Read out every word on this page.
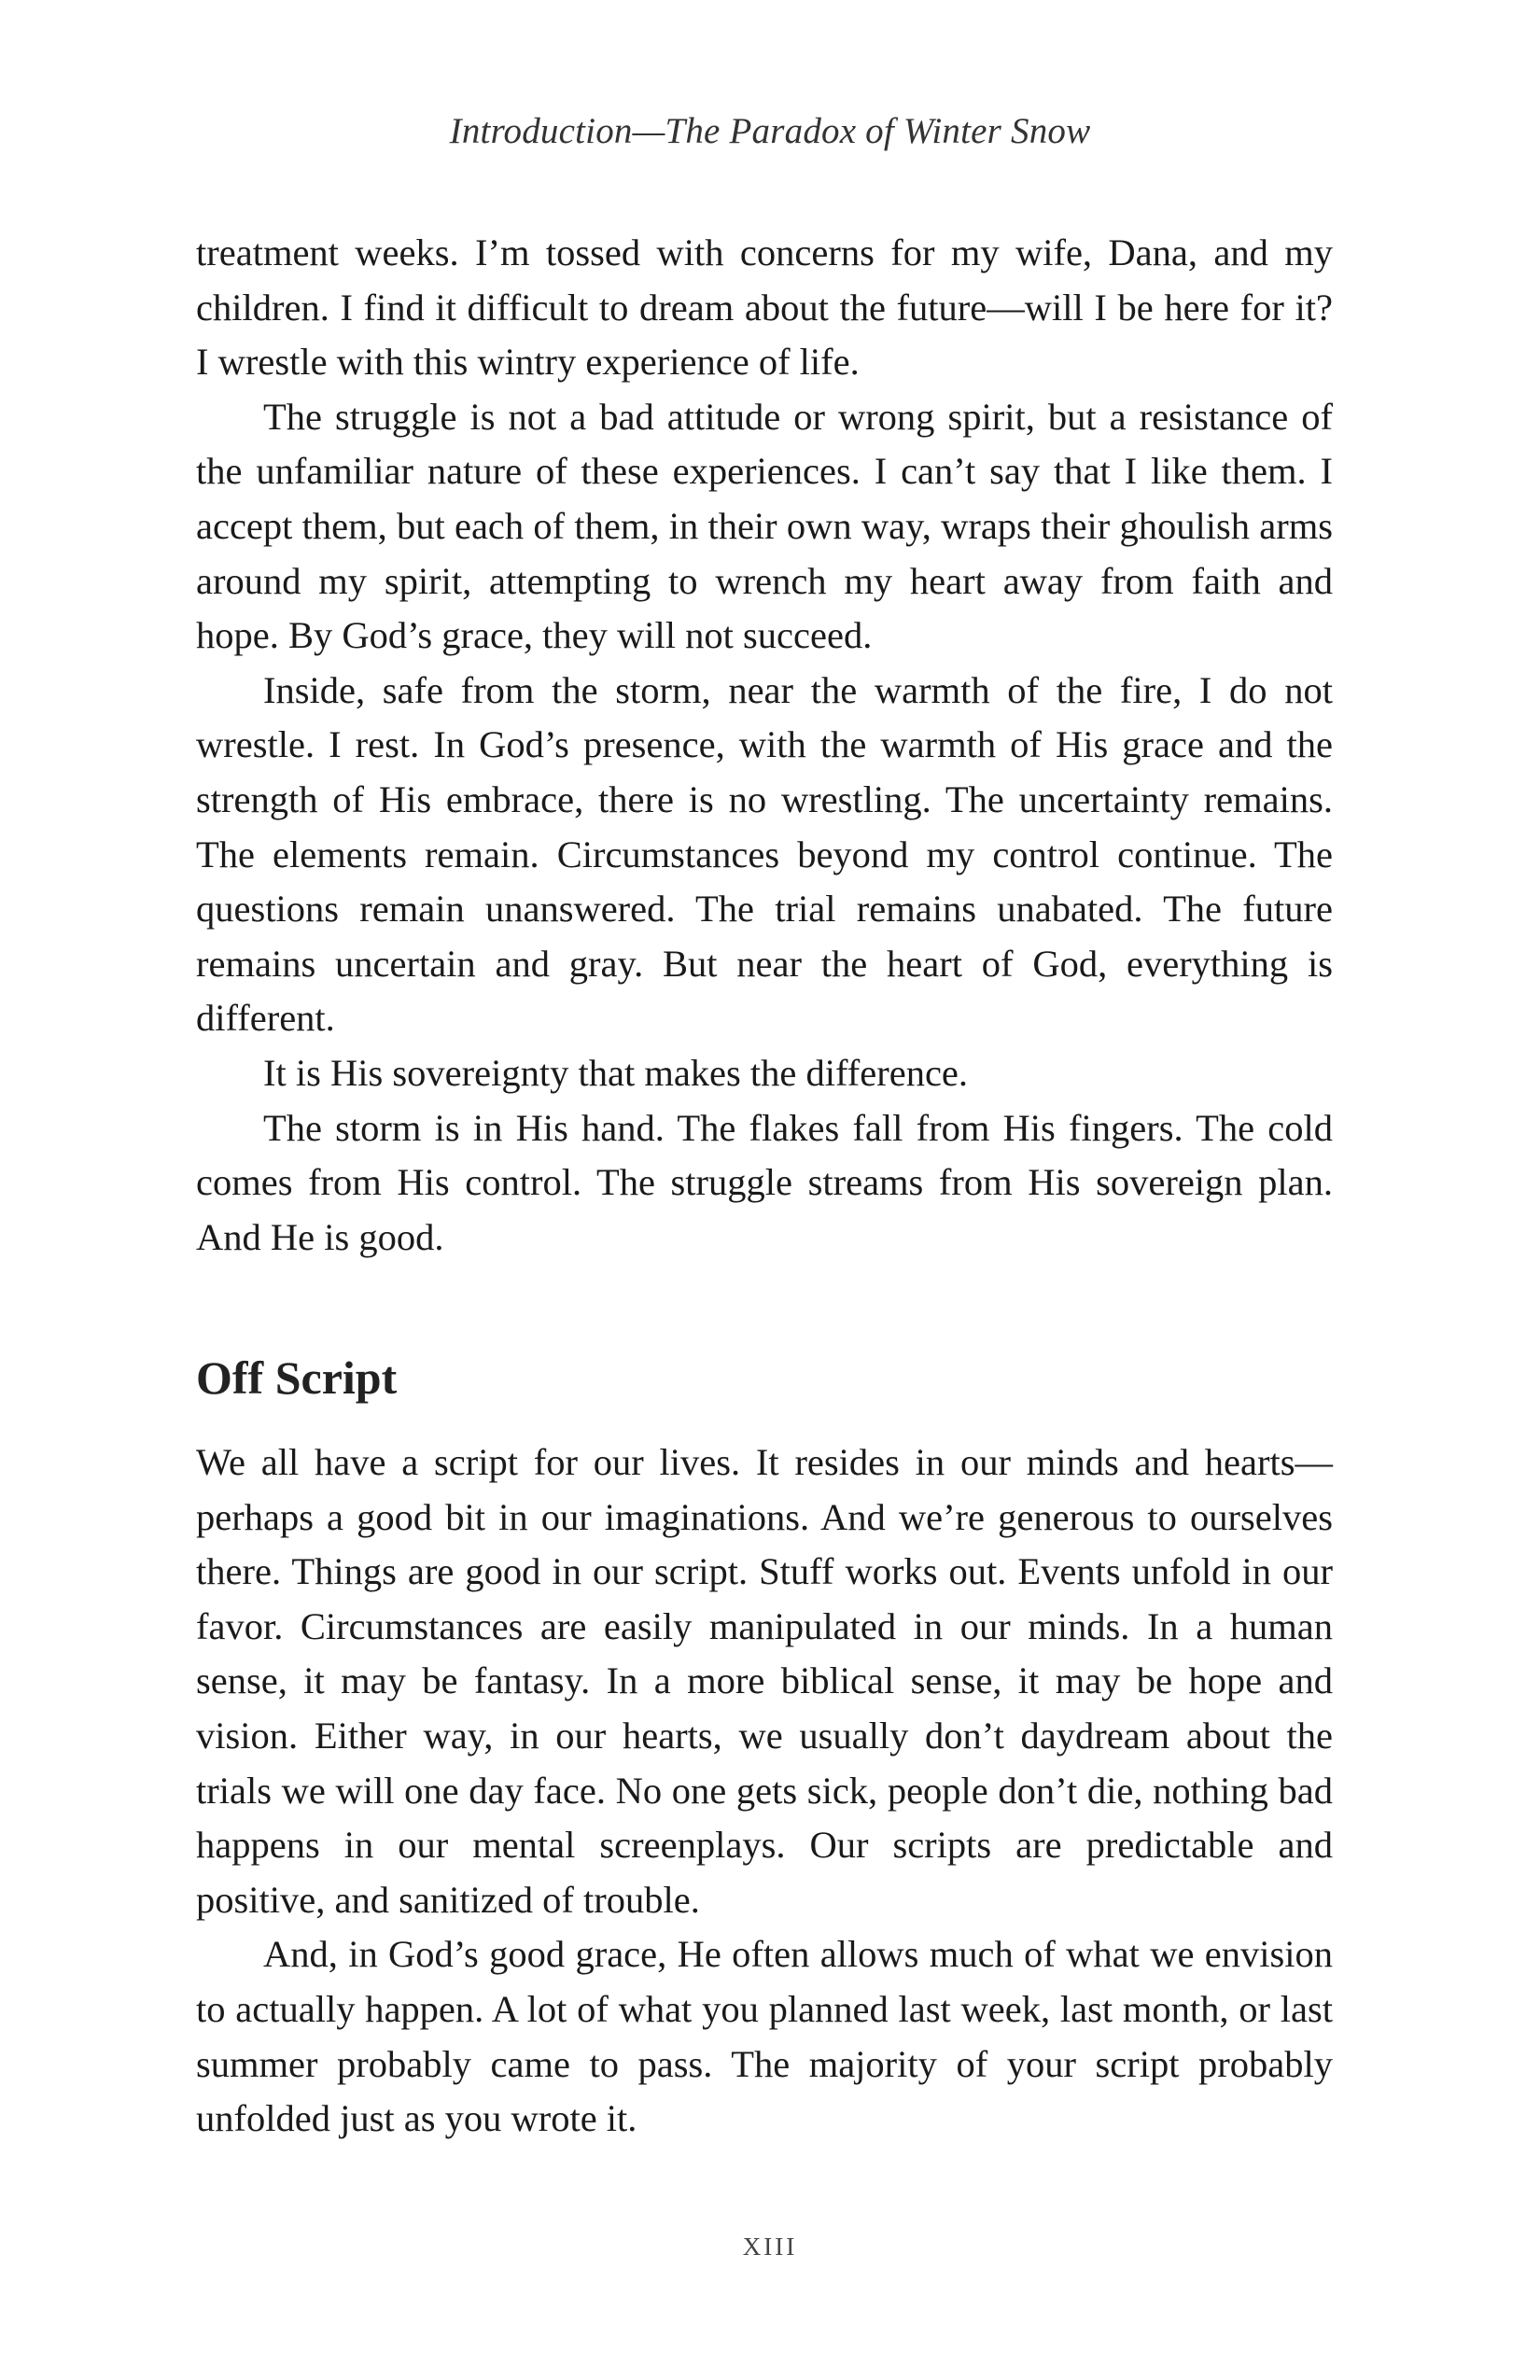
Introduction—The Paradox of Winter Snow

treatment weeks. I’m tossed with concerns for my wife, Dana, and my children. I find it difficult to dream about the future—will I be here for it? I wrestle with this wintry experience of life.

The struggle is not a bad attitude or wrong spirit, but a resistance of the unfamiliar nature of these experiences. I can’t say that I like them. I accept them, but each of them, in their own way, wraps their ghoulish arms around my spirit, attempting to wrench my heart away from faith and hope. By God’s grace, they will not succeed.

Inside, safe from the storm, near the warmth of the fire, I do not wrestle. I rest. In God’s presence, with the warmth of His grace and the strength of His embrace, there is no wrestling. The uncertainty remains. The elements remain. Circumstances beyond my control continue. The questions remain unanswered. The trial remains unabated. The future remains uncertain and gray. But near the heart of God, everything is different.

It is His sovereignty that makes the difference.

The storm is in His hand. The flakes fall from His fingers. The cold comes from His control. The struggle streams from His sovereign plan. And He is good.

Off Script

We all have a script for our lives. It resides in our minds and hearts—perhaps a good bit in our imaginations. And we’re generous to ourselves there. Things are good in our script. Stuff works out. Events unfold in our favor. Circumstances are easily manipulated in our minds. In a human sense, it may be fantasy. In a more biblical sense, it may be hope and vision. Either way, in our hearts, we usually don’t daydream about the trials we will one day face. No one gets sick, people don’t die, nothing bad happens in our mental screenplays. Our scripts are predictable and positive, and sanitized of trouble.

And, in God’s good grace, He often allows much of what we envision to actually happen. A lot of what you planned last week, last month, or last summer probably came to pass. The majority of your script probably unfolded just as you wrote it.

XIII
